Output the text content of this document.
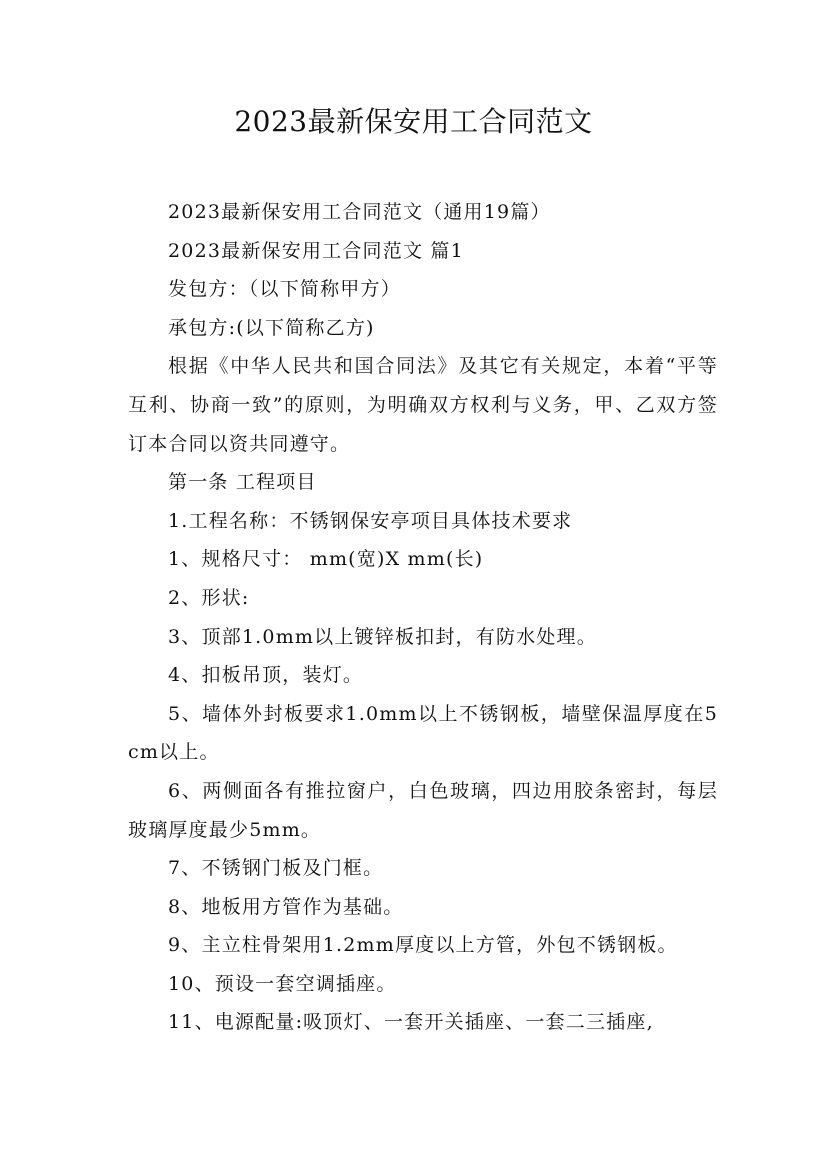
2023最新保安用工合同范文

2023最新保安用工合同范文（通用19篇）

2023最新保安用工合同范文 篇1

发包方：（以下简称甲方）

承包方:(以下简称乙方)

根据《中华人民共和国合同法》及其它有关规定，本着“平等互利、协商一致”的原则，为明确双方权利与义务，甲、乙双方签订本合同以资共同遵守。

第一条 工程项目

1.工程名称：不锈钢保安亭项目具体技术要求

1、规格尺寸： mm(宽)X mm(长)

2、形状:

3、顶部1.0mm以上镀锌板扣封，有防水处理。

4、扣板吊顶，装灯。

5、墙体外封板要求1.0mm以上不锈钢板，墙壁保温厚度在5cm以上。

6、两侧面各有推拉窗户，白色玻璃，四边用胶条密封，每层玻璃厚度最少5mm。

7、不锈钢门板及门框。

8、地板用方管作为基础。

9、主立柱骨架用1.2mm厚度以上方管，外包不锈钢板。

10、预设一套空调插座。

11、电源配量:吸顶灯、一套开关插座、一套二三插座,
